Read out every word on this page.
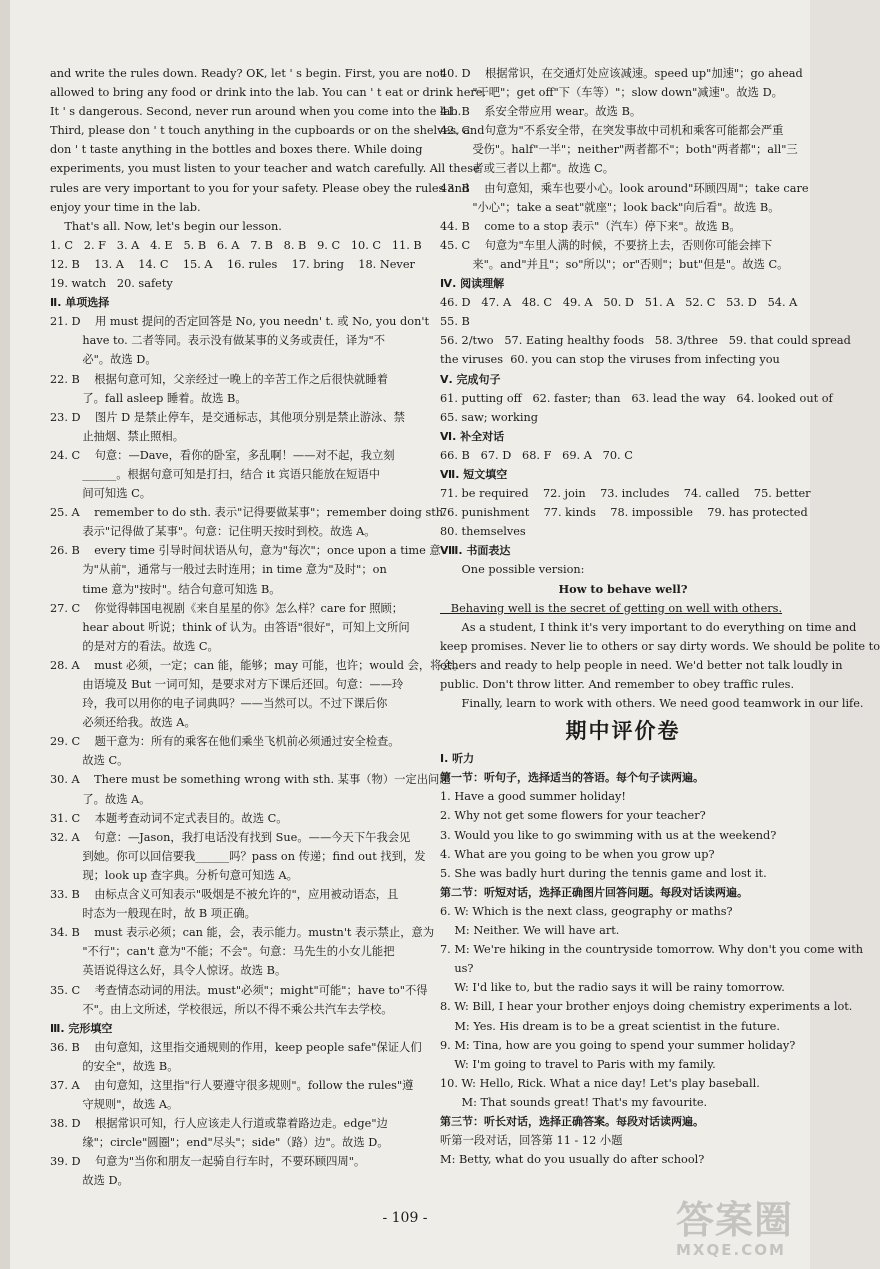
and write the rules down. Ready? OK, let ' s begin. First, you are not
allowed to bring any food or drink into the lab. You can ' t eat or drink here.
It ' s dangerous. Second, never run around when you come into the lab.
Third, please don ' t touch anything in the cupboards or on the shelves, and
don ' t taste anything in the bottles and boxes there. While doing
experiments, you must listen to your teacher and watch carefully. All these
rules are very important to you for your safety. Please obey the rules and
enjoy your time in the lab.
That's all. Now, let's begin our lesson.
1. C   2. F   3. A   4. E   5. B   6. A   7. B   8. B   9. C   10. C   11. B
12. B    13. A    14. C    15. A    16. rules    17. bring    18. Never
19. watch   20. safety
Ⅱ. 单项选择
21. D    用 must 提问的否定回答是 No, you needn' t. 或 No, you don't
have to. 二者等同。表示没有做某事的义务或责任，译为"不
必"。故选 D。
22. B    根据句意可知，父亲经过一晚上的辛苦工作之后很快就睡着
了。fall asleep 睡着。故选 B。
23. D    图片 D 是禁止停车，是交通标志，其他项分别是禁止游泳、禁
止抽烟、禁止照相。
24. C    句意：—Dave，看你的卧室，多乱啊！——对不起，我立刻
______。根据句意可知是打扫，结合 it 宾语只能放在短语中
间可知选 C。
25. A    remember to do sth. 表示"记得要做某事"；remember doing sth.
表示"记得做了某事"。句意：记住明天按时到校。故选 A。
26. B    every time 引导时间状语从句，意为"每次"；once upon a time 意
为"从前"，通常与一般过去时连用；in time 意为"及时"；on
time 意为"按时"。结合句意可知选 B。
27. C    你觉得韩国电视剧《来自星星的你》怎么样？care for 照顾；
hear about 听说；think of 认为。由答语"很好"，可知上文所问
的是对方的看法。故选 C。
28. A    must 必须，一定；can 能，能够；may 可能，也许；would 会，将会。
由语境及 But 一词可知，是要求对方下课后还回。句意：——玲
玲，我可以用你的电子词典吗？——当然可以。不过下课后你
必须还给我。故选 A。
29. C    题干意为：所有的乘客在他们乘坐飞机前必须通过安全检查。
故选 C。
30. A    There must be something wrong with sth. 某事（物）一定出问题
了。故选 A。
31. C    本题考查动词不定式表目的。故选 C。
32. A    句意：—Jason，我打电话没有找到 Sue。——今天下午我会见
到她。你可以回信要我______吗？pass on 传递；find out 找到，发
现；look up 查字典。分析句意可知选 A。
33. B    由标点含义可知表示"吸烟是不被允许的"，应用被动语态，且
时态为一般现在时，故 B 项正确。
34. B    must 表示必须；can 能，会，表示能力。mustn't 表示禁止，意为
"不行"；can't 意为"不能；不会"。句意：马先生的小女儿能把
英语说得这么好，具令人惊讶。故选 B。
35. C    考查情态动词的用法。must"必须"；might"可能"；have to"不得
不"。由上文所述，学校很远，所以不得不乘公共汽车去学校。
Ⅲ. 完形填空
36. B    由句意知，这里指交通规则的作用，keep people safe"保证人们
的安全"，故选 B。
37. A    由句意知，这里指"行人要遵守很多规则"。follow the rules"遵
守规则"，故选 A。
38. D    根据常识可知，行人应该走人行道或靠着路边走。edge"边
缘"；circle"圆圈"；end"尽头"；side"（路）边"。故选 D。
39. D    句意为"当你和朋友一起骑自行车时，不要环顾四周"。
故选 D。
40. D    根据常识，在交通灯处应该减速。speed up"加速"；go ahead
"干吧"；get off"下（车等）"；slow down"减速"。故选 D。
41. B    系安全带应用 wear。故选 B。
42. C    句意为"不系安全带，在突发事故中司机和乘客可能都会严重
受伤"。half"一半"；neither"两者都不"；both"两者都"；all"三
者或三者以上都"。故选 C。
43. B    由句意知，乘车也要小心。look around"环顾四周"；take care
"小心"；take a seat"就座"；look back"向后看"。故选 B。
44. B    come to a stop 表示"（汽车）停下来"。故选 B。
45. C    句意为"车里人满的时候，不要挤上去，否则你可能会摔下
来"。and"并且"；so"所以"；or"否则"；but"但是"。故选 C。
Ⅳ. 阅读理解
46. D   47. A   48. C   49. A   50. D   51. A   52. C   53. D   54. A
55. B
56. 2/two   57. Eating healthy foods   58. 3/three   59. that could spread
the viruses  60. you can stop the viruses from infecting you
Ⅴ. 完成句子
61. putting off   62. faster; than   63. lead the way   64. looked out of
65. saw; working
Ⅵ. 补全对话
66. B   67. D   68. F   69. A   70. C
Ⅶ. 短文填空
71. be required    72. join    73. includes    74. called    75. better
76. punishment    77. kinds    78. impossible    79. has protected
80. themselves
Ⅷ. 书面表达
One possible version:
How to behave well?
Behaving well is the secret of getting on well with others.
As a student, I think it's very important to do everything on time and
keep promises. Never lie to others or say dirty words. We should be polite to
others and ready to help people in need. We'd better not talk loudly in
public. Don't throw litter. And remember to obey traffic rules.
Finally, learn to work with others. We need good teamwork in our life.
期中评价卷
Ⅰ. 听力
第一节：听句子，选择适当的答语。每个句子读两遍。
1. Have a good summer holiday!
2. Why not get some flowers for your teacher?
3. Would you like to go swimming with us at the weekend?
4. What are you going to be when you grow up?
5. She was badly hurt during the tennis game and lost it.
第二节：听短对话，选择正确图片回答问题。每段对话读两遍。
6. W: Which is the next class, geography or maths?
M: Neither. We will have art.
7. M: We're hiking in the countryside tomorrow. Why don't you come with
us?
W: I'd like to, but the radio says it will be rainy tomorrow.
8. W: Bill, I hear your brother enjoys doing chemistry experiments a lot.
M: Yes. His dream is to be a great scientist in the future.
9. M: Tina, how are you going to spend your summer holiday?
W: I'm going to travel to Paris with my family.
10. W: Hello, Rick. What a nice day! Let's play baseball.
M: That sounds great! That's my favourite.
第三节：听长对话，选择正确答案。每段对话读两遍。
听第一段对话，回答第 11 - 12 小题
M: Betty, what do you usually do after school?
- 109 -	答案圈
MXQE.COM
